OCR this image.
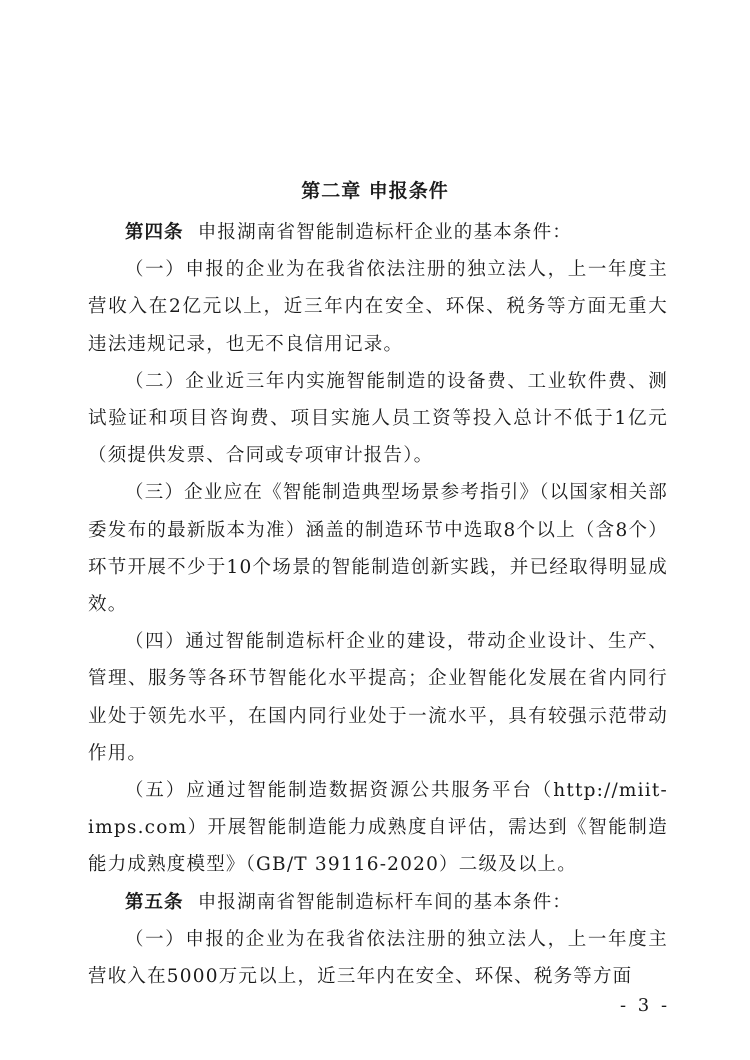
第二章 申报条件

第四条 申报湖南省智能制造标杆企业的基本条件：

（一）申报的企业为在我省依法注册的独立法人，上一年度主营收入在2亿元以上，近三年内在安全、环保、税务等方面无重大违法违规记录，也无不良信用记录。

（二）企业近三年内实施智能制造的设备费、工业软件费、测试验证和项目咨询费、项目实施人员工资等投入总计不低于1亿元（须提供发票、合同或专项审计报告）。

（三）企业应在《智能制造典型场景参考指引》（以国家相关部委发布的最新版本为准）涵盖的制造环节中选取8个以上（含8个）环节开展不少于10个场景的智能制造创新实践，并已经取得明显成效。

（四）通过智能制造标杆企业的建设，带动企业设计、生产、管理、服务等各环节智能化水平提高；企业智能化发展在省内同行业处于领先水平，在国内同行业处于一流水平，具有较强示范带动作用。

（五）应通过智能制造数据资源公共服务平台（http://miit-imps.com）开展智能制造能力成熟度自评估，需达到《智能制造能力成熟度模型》（GB/T 39116-2020）二级及以上。

第五条 申报湖南省智能制造标杆车间的基本条件：

（一）申报的企业为在我省依法注册的独立法人，上一年度主营收入在5000万元以上，近三年内在安全、环保、税务等方面

- 3 -
